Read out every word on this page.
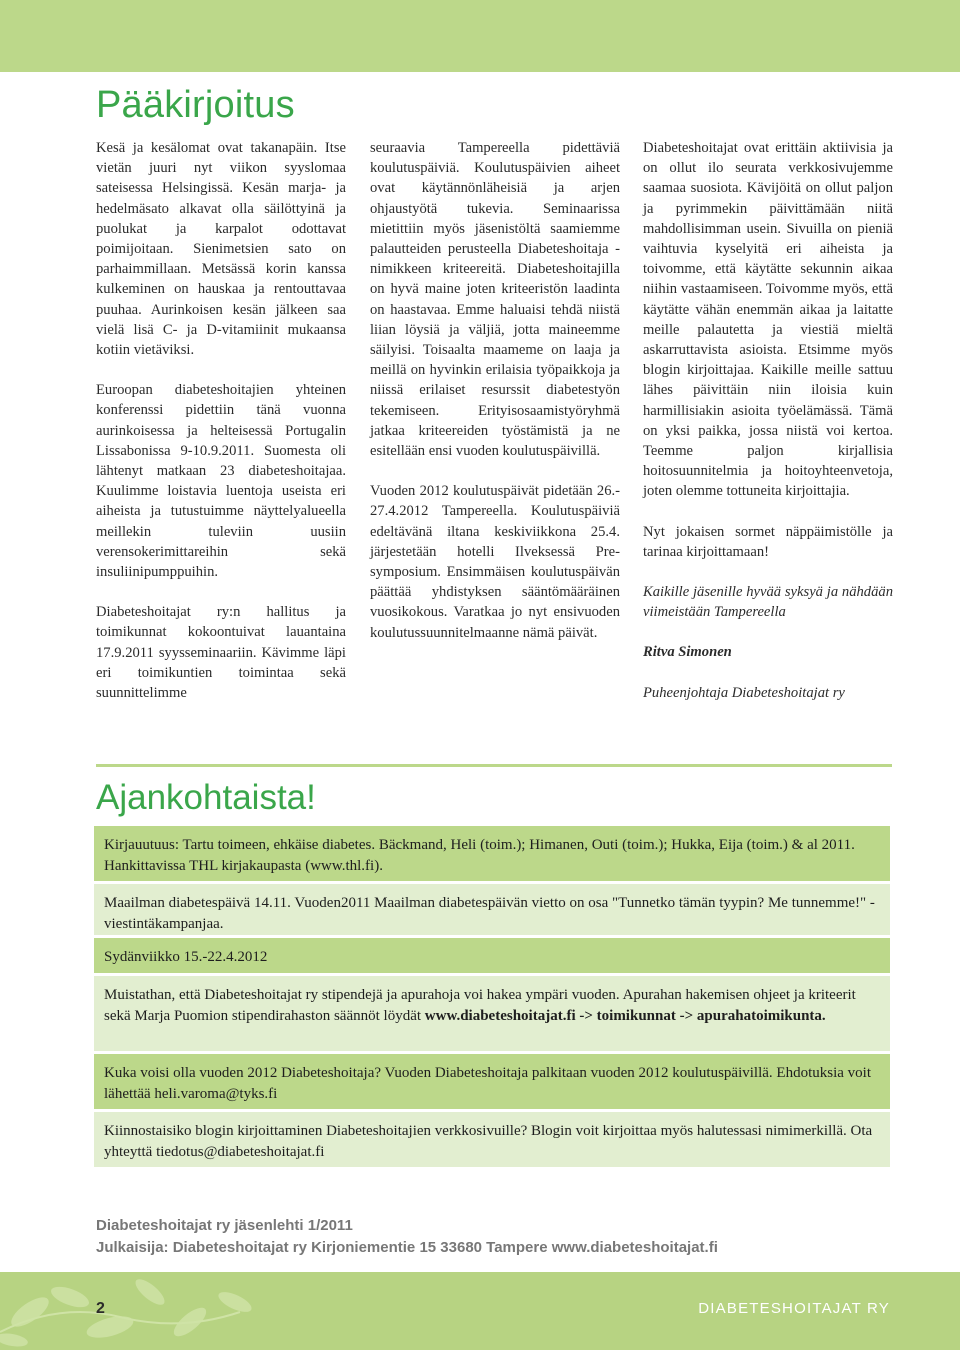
Pääkirjoitus

Kesä ja kesälomat ovat takanapäin. Itse vietän juuri nyt viikon syyslomaa sateisessa Helsingissä. Kesän marja- ja hedelmäsato alkavat olla säilöttyinä ja puolukat ja karpalot odottavat poimijoitaan. Sienimetsien sato on parhaimmillaan. Metsässä korin kanssa kulkeminen on hauskaa ja rentouttavaa puuhaa. Aurinkoisen kesän jälkeen saa vielä lisä C- ja D-vitamiinit mukaansa kotiin vietäviksi.

Euroopan diabeteshoitajien yhteinen konferenssi pidettiin tänä vuonna aurinkoisessa ja helteisessä Portugalin Lissabonissa 9-10.9.2011. Suomesta oli lähtenyt matkaan 23 diabeteshoitajaa. Kuulimme loistavia luentoja useista eri aiheista ja tutustuimme näyttelyalueella meillekin tuleviin uusiin verensokerimittareihin sekä insuliinipumppuihin.

Diabeteshoitajat ry:n hallitus ja toimikunnat kokoontuivat lauantaina 17.9.2011 syysseminaariin. Kävimme läpi eri toimikuntien toimintaa sekä suunnittelimme

seuraavia Tampereella pidettäviä koulutuspäiviä. Koulutuspäivien aiheet ovat käytännönläheisiä ja arjen ohjaustyötä tukevia. Seminaarissa mietittiin myös jäsenistöltä saamiemme palautteiden perusteella Diabeteshoitaja -nimikkeen kriteereitä. Diabeteshoitajilla on hyvä maine joten kriteeristön laadinta on haastavaa. Emme haluaisi tehdä niistä liian löysiä ja väljiä, jotta maineemme säilyisi. Toisaalta maameme on laaja ja meillä on hyvinkin erilaisia työpaikkoja ja niissä erilaiset resurssit diabetestyön tekemiseen. Erityisosaamistyöryhmä jatkaa kriteereiden työstämistä ja ne esitellään ensi vuoden koulutuspäivillä.

Vuoden 2012 koulutuspäivät pidetään 26.- 27.4.2012 Tampereella. Koulutuspäiviä edeltävänä iltana keskiviikkona 25.4. järjestetään hotelli Ilveksessä Pre-symposium. Ensimmäisen koulutuspäivän päättää yhdistyksen sääntömääräinen vuosikokous. Varatkaa jo nyt ensivuoden koulutussuunnitelmaanne nämä päivät.

Diabeteshoitajat ovat erittäin aktiivisia ja on ollut ilo seurata verkkosivujemme saamaa suosiota. Kävijöitä on ollut paljon ja pyrimmekin päivittämään niitä mahdollisimman usein. Sivuilla on pieniä vaihtuvia kyselyitä eri aiheista ja toivomme, että käytätte sekunnin aikaa niihin vastaamiseen. Toivomme myös, että käytätte vähän enemmän aikaa ja laitatte meille palautetta ja viestiä mieltä askarruttavista asioista. Etsimme myös blogin kirjoittajaa. Kaikille meille sattuu lähes päivittäin niin iloisia kuin harmillisiakin asioita työelämässä. Tämä on yksi paikka, jossa niistä voi kertoa. Teemme paljon kirjallisia hoitosuunnitelmia ja hoitoyhteenvetoja, joten olemme tottuneita kirjoittajia.

Nyt jokaisen sormet näppäimistölle ja tarinaa kirjoittamaan!

Kaikille jäsenille hyvää syksyä ja nähdään viimeistään Tampereella

Ritva Simonen

Puheenjohtaja Diabeteshoitajat ry

Ajankohtaista!
Kirjauutuus: Tartu toimeen, ehkäise diabetes. Bäckmand, Heli (toim.); Himanen, Outi (toim.); Hukka, Eija (toim.) & al 2011. Hankittavissa THL kirjakaupasta (www.thl.fi).
Maailman diabetespäivä 14.11. Vuoden2011 Maailman diabetespäivän vietto on osa "Tunnetko tämän tyypin? Me tunnemme!" -viestintäkampanjaa.
Sydänviikko 15.-22.4.2012
Muistathan, että Diabeteshoitajat ry stipendejä ja apurahoja voi hakea ympäri vuoden. Apurahan hakemisen ohjeet ja kriteerit sekä Marja Puomion stipendirahaston säännöt löydät www.diabeteshoitajat.fi -> toimikunnat -> apurahatoimikunta.
Kuka voisi olla vuoden 2012 Diabeteshoitaja? Vuoden Diabeteshoitaja palkitaan vuoden 2012 koulutuspäivillä. Ehdotuksia voit lähettää heli.varoma@tyks.fi
Kiinnostaisiko blogin kirjoittaminen Diabeteshoitajien verkkosivuille? Blogin voit kirjoittaa myös halutessasi nimimerkillä. Ota yhteyttä tiedotus@diabeteshoitajat.fi
Diabeteshoitajat ry jäsenlehti 1/2011
Julkaisija: Diabeteshoitajat ry Kirjoniementie 15 33680 Tampere www.diabeteshoitajat.fi
2	DIABETESHOITAJAT RY
